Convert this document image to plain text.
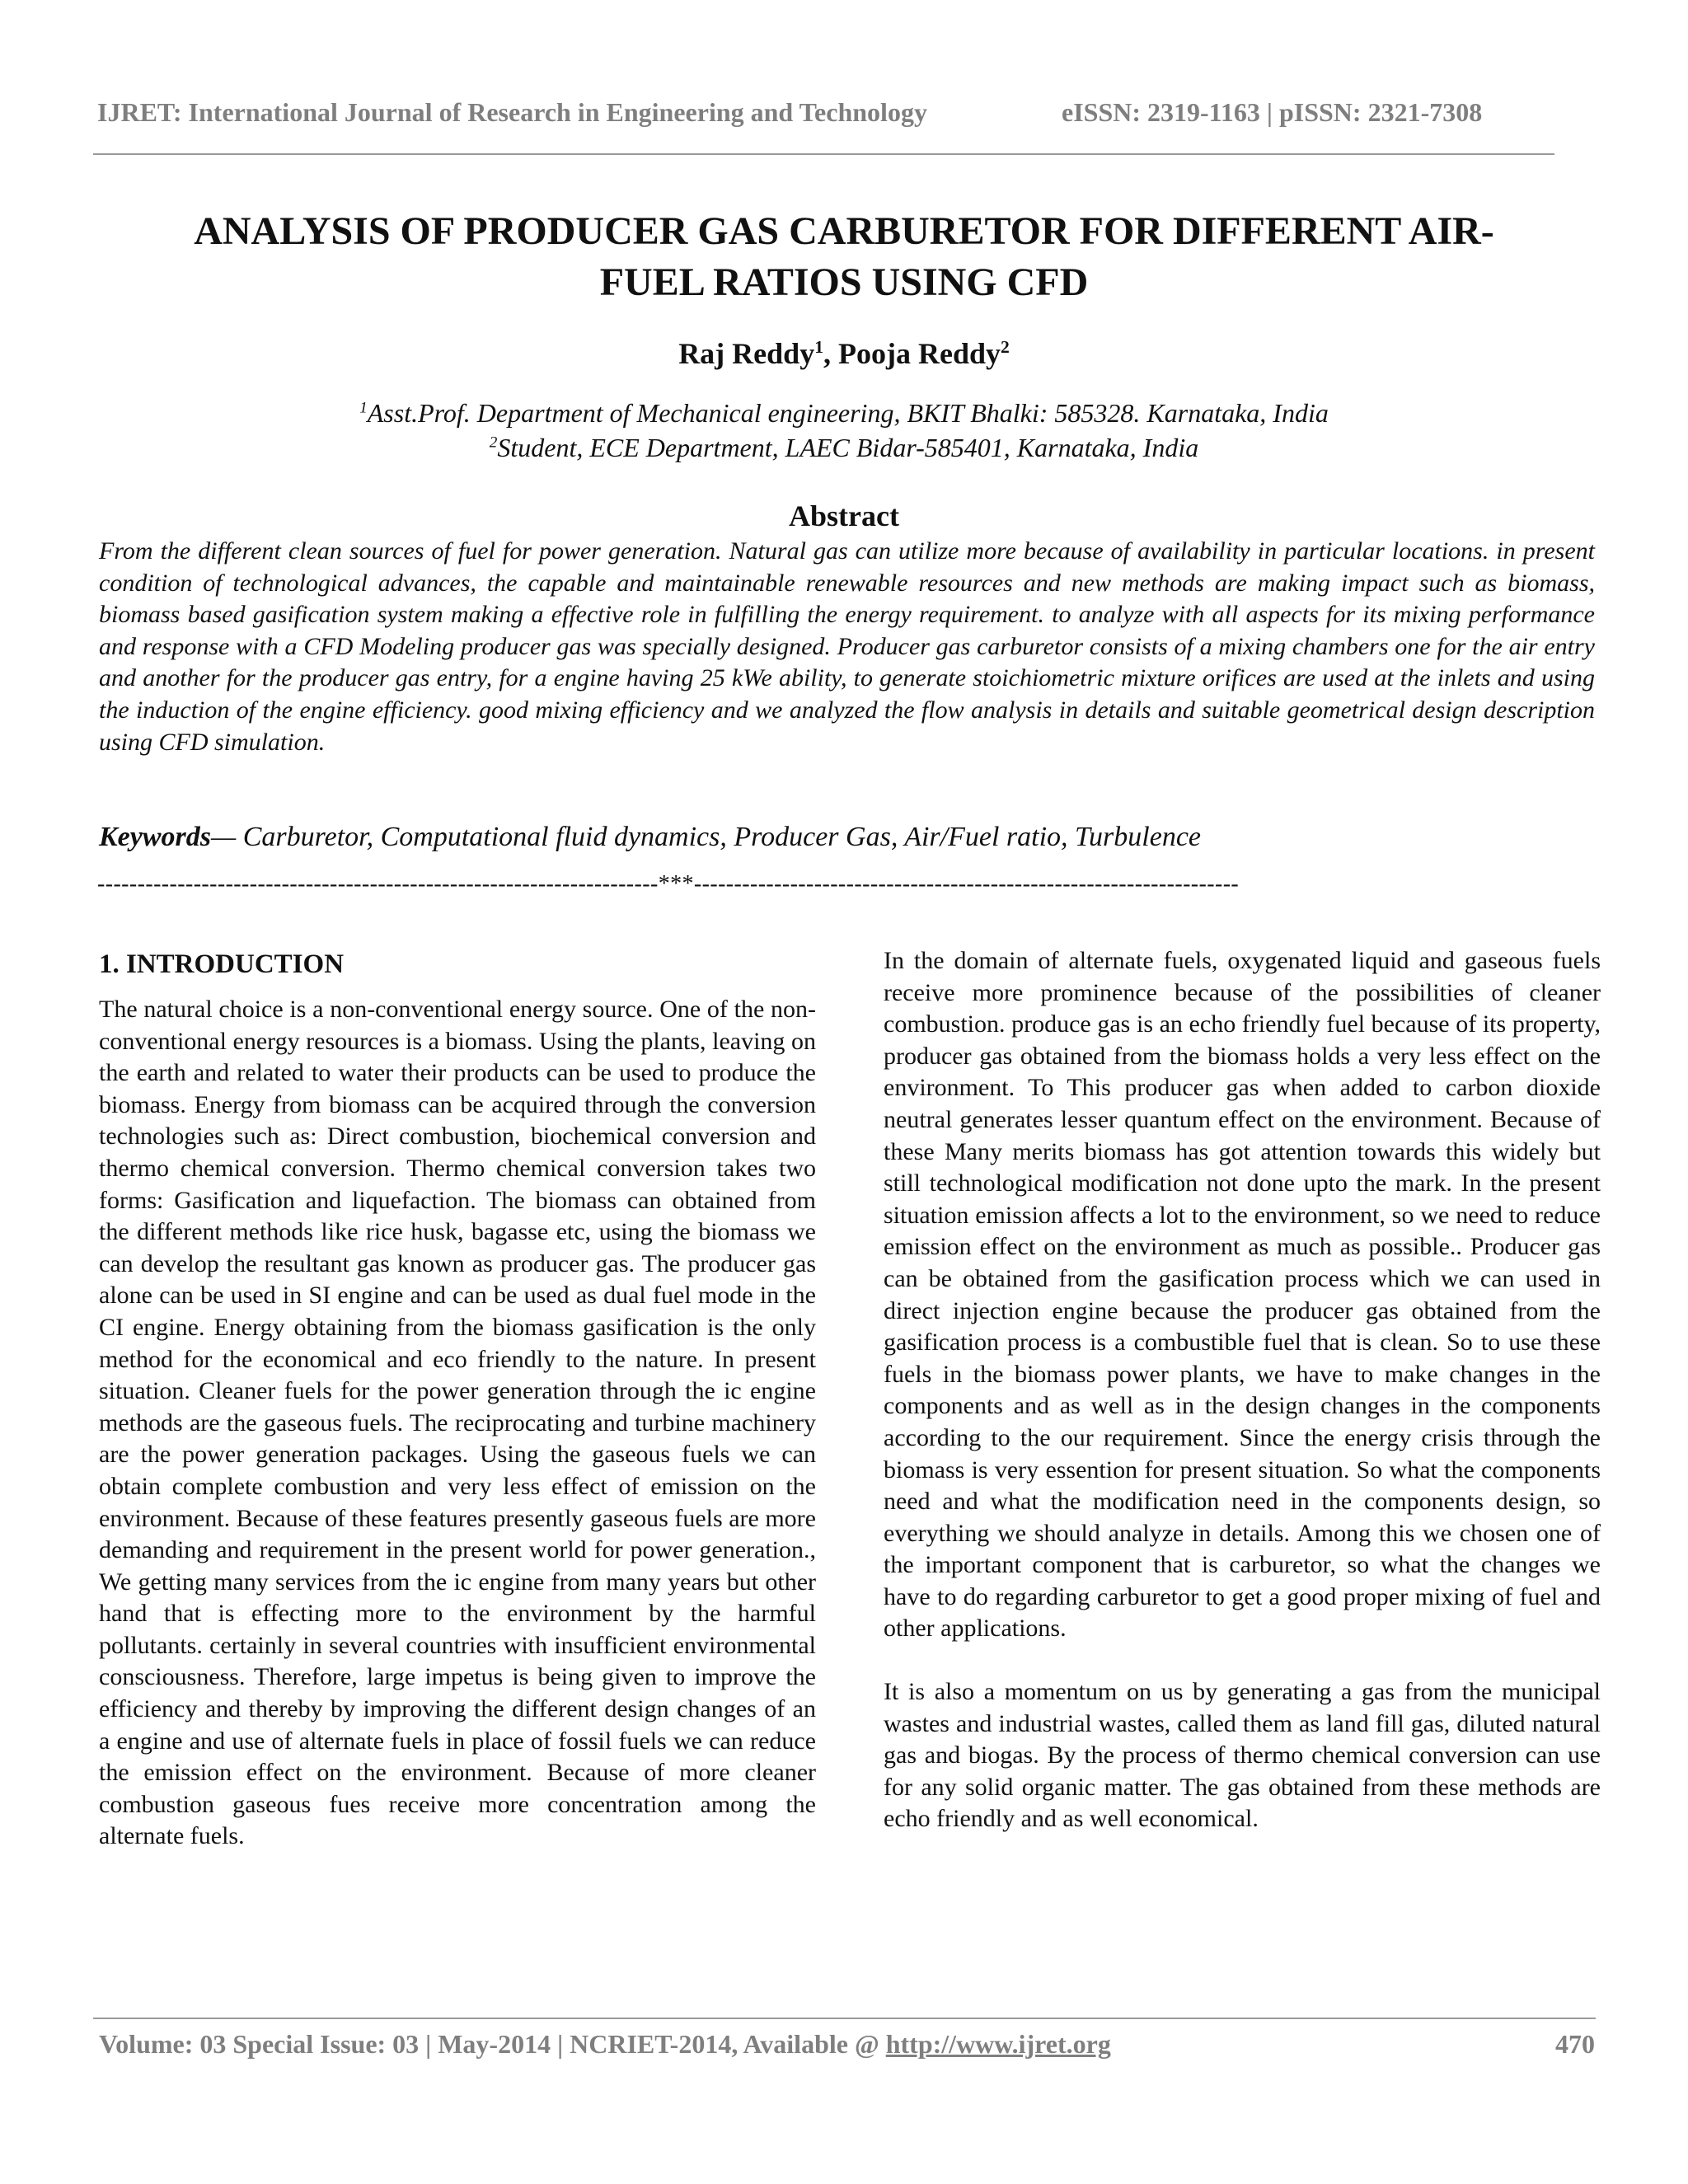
IJRET: International Journal of Research in Engineering and Technology	eISSN: 2319-1163 | pISSN: 2321-7308
ANALYSIS OF PRODUCER GAS CARBURETOR FOR DIFFERENT AIR-
FUEL RATIOS USING CFD
Raj Reddy$^1$, Pooja Reddy$^2$
$^1$Asst.Prof. Department of Mechanical engineering, BKIT Bhalki: 585328. Karnataka, India
$^2$Student, ECE Department, LAEC Bidar-585401, Karnataka, India
Abstract

From the different clean sources of fuel for power generation. Natural gas can utilize more because of availability in particular locations. in present condition of technological advances, the capable and maintainable renewable resources and new methods are making impact such as biomass, biomass based gasification system making a effective role in fulfilling the energy requirement. to analyze with all aspects for its mixing performance and response with a CFD Modeling producer gas was specially designed. Producer gas carburetor consists of a mixing chambers one for the air entry and another for the producer gas entry, for a engine having 25 kWe ability, to generate stoichiometric mixture orifices are used at the inlets and using the induction of the engine efficiency. good mixing efficiency and we analyzed the flow analysis in details and suitable geometrical design description using CFD simulation.

Keywords— Carburetor, Computational fluid dynamics, Producer Gas, Air/Fuel ratio, Turbulence
----------------------------------------------------------------------***--------------------------------------------------------------------
1. INTRODUCTION

The natural choice is a non-conventional energy source. One of the non-conventional energy resources is a biomass. Using the plants, leaving on the earth and related to water their products can be used to produce the biomass. Energy from biomass can be acquired through the conversion technologies such as: Direct combustion, biochemical conversion and thermo chemical conversion. Thermo chemical conversion takes two forms: Gasification and liquefaction. The biomass can obtained from the different methods like rice husk, bagasse etc, using the biomass we can develop the resultant gas known as producer gas. The producer gas alone can be used in SI engine and can be used as dual fuel mode in the CI engine. Energy obtaining from the biomass gasification is the only method for the economical and eco friendly to the nature. In present situation. Cleaner fuels for the power generation through the ic engine methods are the gaseous fuels. The reciprocating and turbine machinery are the power generation packages. Using the gaseous fuels we can obtain complete combustion and very less effect of emission on the environment. Because of these features presently gaseous fuels are more demanding and requirement in the present world for power generation., We getting many services from the ic engine from many years but other hand that is effecting more to the environment by the harmful pollutants. certainly in several countries with insufficient environmental consciousness. Therefore, large impetus is being given to improve the efficiency and thereby by improving the different design changes of an a engine and use of alternate fuels in place of fossil fuels we can reduce the emission effect on the environment. Because of more cleaner combustion gaseous fues receive more concentration among the alternate fuels.

In the domain of alternate fuels, oxygenated liquid and gaseous fuels receive more prominence because of the possibilities of cleaner combustion. produce gas is an echo friendly fuel because of its property, producer gas obtained from the biomass holds a very less effect on the environment. To This producer gas when added to carbon dioxide neutral generates lesser quantum effect on the environment. Because of these Many merits biomass has got attention towards this widely but still technological modification not done upto the mark. In the present situation emission affects a lot to the environment, so we need to reduce emission effect on the environment as much as possible.. Producer gas can be obtained from the gasification process which we can used in direct injection engine because the producer gas obtained from the gasification process is a combustible fuel that is clean. So to use these fuels in the biomass power plants, we have to make changes in the components and as well as in the design changes in the components according to the our requirement. Since the energy crisis through the biomass is very essention for present situation. So what the components need and what the modification need in the components design, so everything we should analyze in details. Among this we chosen one of the important component that is carburetor, so what the changes we have to do regarding carburetor to get a good proper mixing of fuel and other applications.

It is also a momentum on us by generating a gas from the municipal wastes and industrial wastes, called them as land fill gas, diluted natural gas and biogas. By the process of thermo chemical conversion can use for any solid organic matter. The gas obtained from these methods are echo friendly and as well economical.

Volume: 03 Special Issue: 03 | May-2014 | NCRIET-2014, Available @ http://www.ijret.org	470
